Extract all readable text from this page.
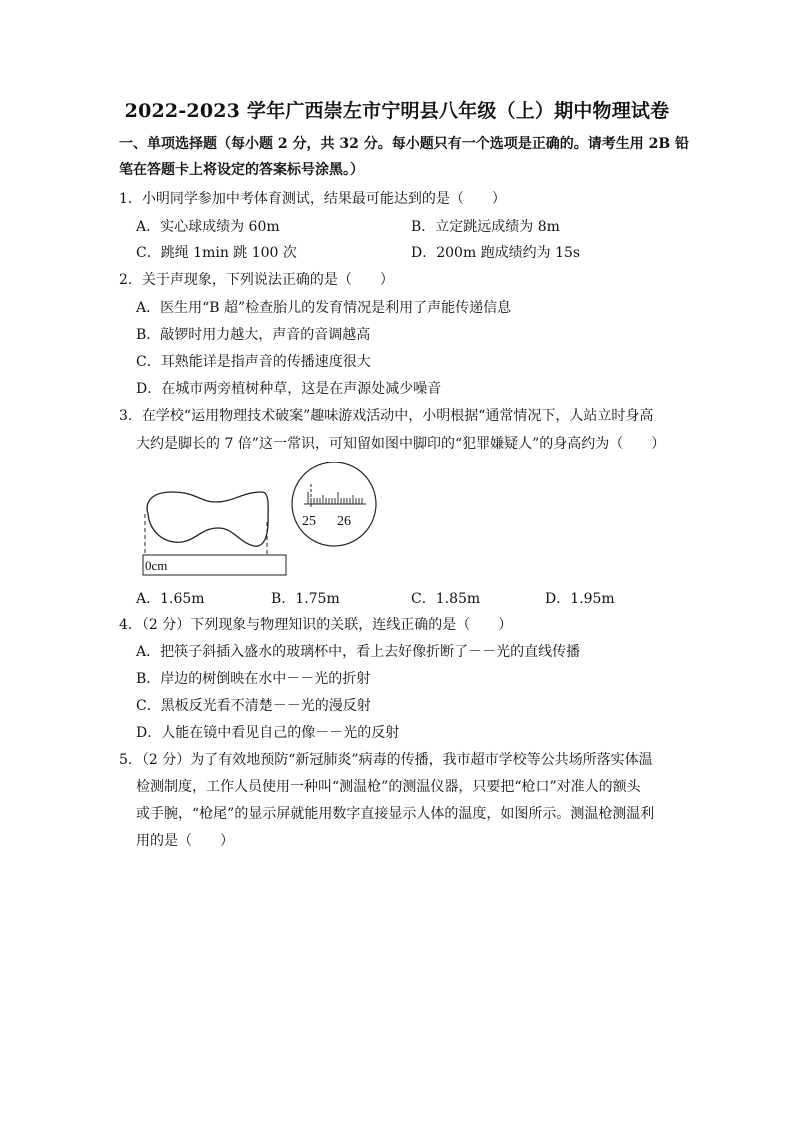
2022-2023 学年广西崇左市宁明县八年级（上）期中物理试卷
一、单项选择题（每小题 2 分，共 32 分。每小题只有一个选项是正确的。请考生用 2B 铅
笔在答题卡上将设定的答案标号涂黑。）
1．小明同学参加中考体育测试，结果最可能达到的是（　　）
A．实心球成绩为 60m	B．立定跳远成绩为 8m
C．跳绳 1min 跳 100 次	D．200m 跑成绩约为 15s
2．关于声现象，下列说法正确的是（　　）
A．医生用“B 超”检查胎儿的发育情况是利用了声能传递信息
B．敲锣时用力越大，声音的音调越高
C．耳熟能详是指声音的传播速度很大
D．在城市两旁植树种草，这是在声源处减少噪音
3．在学校“运用物理技术破案”趣味游戏活动中，小明根据“通常情况下，人站立时身高
大约是脚长的 7 倍”这一常识，可知留如图中脚印的“犯罪嫌疑人”的身高约为（　　）
0cm
25 26
A．1.65m	B．1.75m	C．1.85m	D．1.95m
4．（2 分）下列现象与物理知识的关联，连线正确的是（　　）
A．把筷子斜插入盛水的玻璃杯中，看上去好像折断了－－光的直线传播
B．岸边的树倒映在水中－－光的折射
C．黑板反光看不清楚－－光的漫反射
D．人能在镜中看见自己的像－－光的反射
5．（2 分）为了有效地预防“新冠肺炎”病毒的传播，我市超市学校等公共场所落实体温
检测制度，工作人员使用一种叫“测温枪”的测温仪器，只要把“枪口”对准人的额头
或手腕，“枪尾”的显示屏就能用数字直接显示人体的温度，如图所示。测温枪测温利
用的是（　　）
